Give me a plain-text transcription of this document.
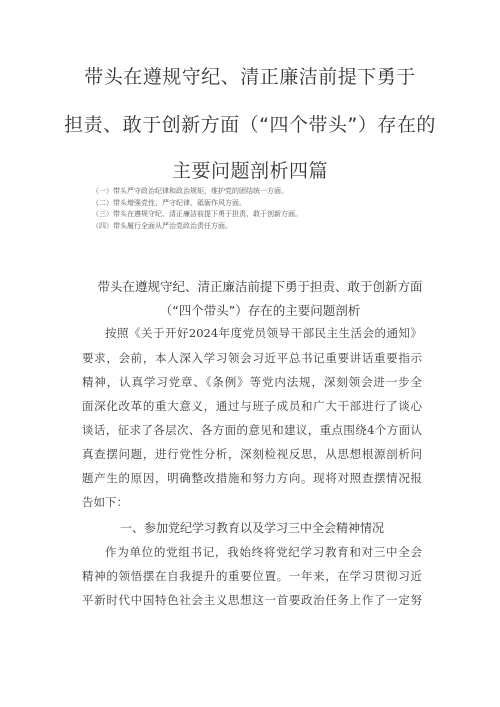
带头在遵规守纪、清正廉洁前提下勇于
担责、敢于创新方面（“四个带头”）存在的
主要问题剖析四篇
（一）带头严守政治纪律和政治规矩，维护党的团结统一方面。
（二）带头增强党性、严守纪律、砥砺作风方面。
（三）带头在遵规守纪、清正廉洁前提下勇于担责、敢于创新方面。
（四）带头履行全面从严治党政治责任方面。
带头在遵规守纪、清正廉洁前提下勇于担责、敢于创新方面
（“四个带头”）存在的主要问题剖析
按照《关于开好2024年度党员领导干部民主生活会的通知》
要求，会前，本人深入学习领会习近平总书记重要讲话重要指示
精神，认真学习党章、《条例》等党内法规，深刻领会进一步全
面深化改革的重大意义，通过与班子成员和广大干部进行了谈心
谈话，征求了各层次、各方面的意见和建议，重点围绕4个方面认
真查摆问题，进行党性分析，深刻检视反思，从思想根源剖析问
题产生的原因，明确整改措施和努力方向。现将对照查摆情况报
告如下：
一、参加党纪学习教育以及学习三中全会精神情况
作为单位的党组书记，我始终将党纪学习教育和对三中全会
精神的领悟摆在自我提升的重要位置。一年来，在学习贯彻习近
平新时代中国特色社会主义思想这一首要政治任务上作了一定努
